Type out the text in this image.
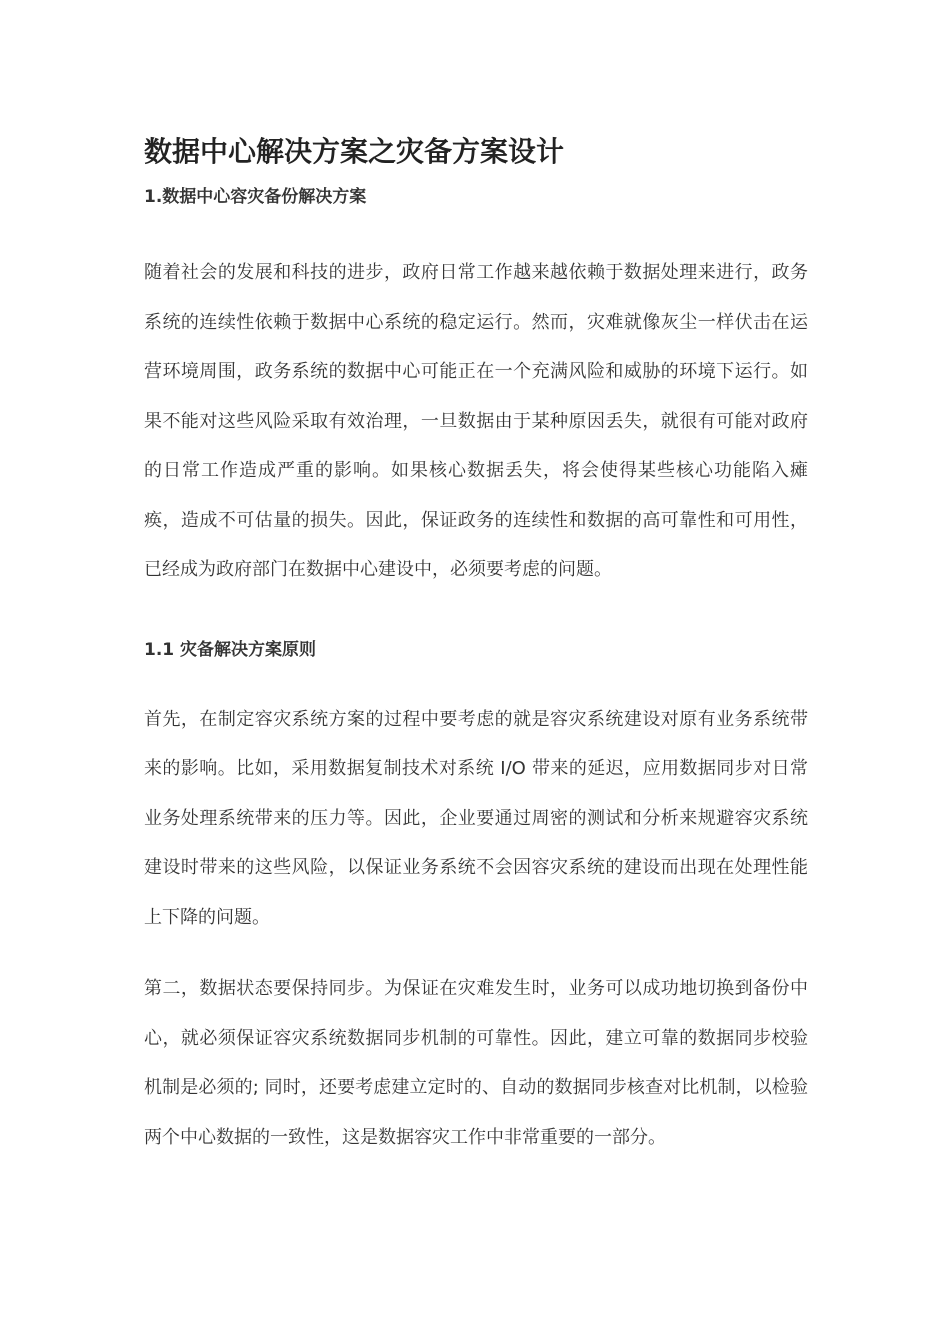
数据中心解决方案之灾备方案设计
1.数据中心容灾备份解决方案

随着社会的发展和科技的进步，政府日常工作越来越依赖于数据处理来进行，政务系统的连续性依赖于数据中心系统的稳定运行。然而，灾难就像灰尘一样伏击在运营环境周围，政务系统的数据中心可能正在一个充满风险和威胁的环境下运行。如果不能对这些风险采取有效治理，一旦数据由于某种原因丢失，就很有可能对政府的日常工作造成严重的影响。如果核心数据丢失，将会使得某些核心功能陷入瘫痪，造成不可估量的损失。因此，保证政务的连续性和数据的高可靠性和可用性，已经成为政府部门在数据中心建设中，必须要考虑的问题。

1.1 灾备解决方案原则

首先，在制定容灾系统方案的过程中要考虑的就是容灾系统建设对原有业务系统带来的影响。比如，采用数据复制技术对系统 I/O 带来的延迟，应用数据同步对日常业务处理系统带来的压力等。因此，企业要通过周密的测试和分析来规避容灾系统建设时带来的这些风险，以保证业务系统不会因容灾系统的建设而出现在处理性能上下降的问题。

第二，数据状态要保持同步。为保证在灾难发生时，业务可以成功地切换到备份中心，就必须保证容灾系统数据同步机制的可靠性。因此，建立可靠的数据同步校验机制是必须的; 同时，还要考虑建立定时的、自动的数据同步核查对比机制，以检验两个中心数据的一致性，这是数据容灾工作中非常重要的一部分。
